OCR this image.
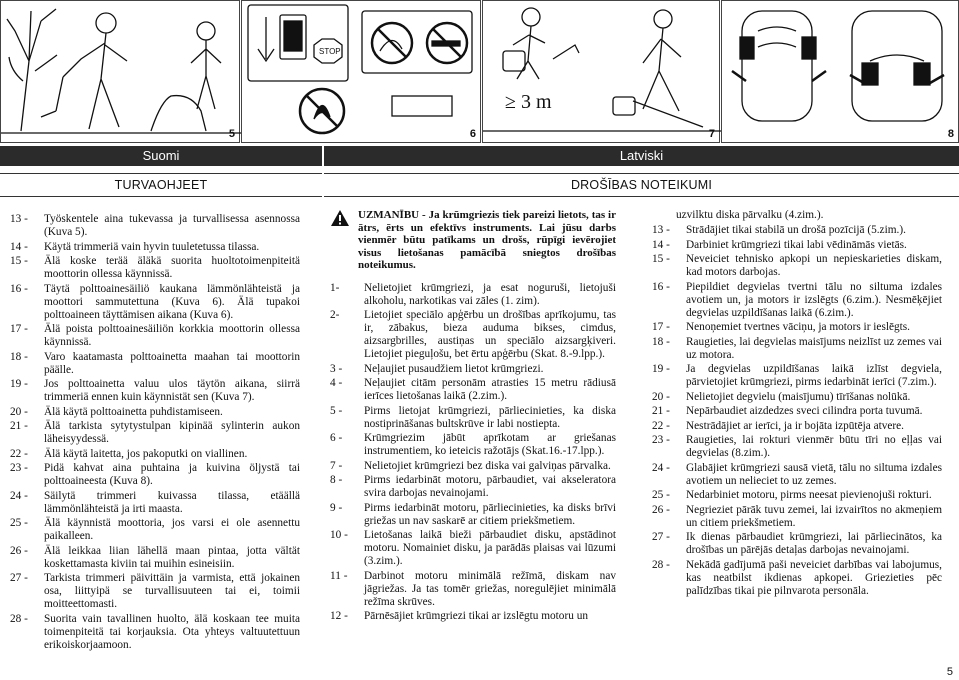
5
STOP
6
≥ 3 m
7	8
Suomi	Latviski
TURVAOHJEET	DROŠĪBAS NOTEIKUMI
13 -	Työskentele aina tukevassa ja turvallisessa asennossa (Kuva 5).
14 -	Käytä trimmeriä vain hyvin tuuletetussa tilassa.
15 -	Älä koske terää äläkä suorita huoltotoimenpiteitä moottorin ollessa käynnissä.
16 -	Täytä polttoainesäiliö kaukana lämmönlähteistä ja moottori sammutettuna (Kuva 6). Älä tupakoi polttoaineen täyttämisen aikana (Kuva 6).
17 -	Älä poista polttoainesäiliön korkkia moottorin ollessa käynnissä.
18 -	Varo kaatamasta polttoainetta maahan tai moottorin päälle.
19 -	Jos polttoainetta valuu ulos täytön aikana, siirrä trimmeriä ennen kuin käynnistät sen (Kuva 7).
20 -	Älä käytä polttoainetta puhdistamiseen.
21 -	Älä tarkista sytytystulpan kipinää sylinterin aukon läheisyydessä.
22 -	Älä käytä laitetta, jos pakoputki on viallinen.
23 -	Pidä kahvat aina puhtaina ja kuivina öljystä tai polttoaineesta (Kuva 8).
24 -	Säilytä trimmeri kuivassa tilassa, etäällä lämmönlähteistä ja irti maasta.
25 -	Älä käynnistä moottoria, jos varsi ei ole asennettu paikalleen.
26 -	Älä leikkaa liian lähellä maan pintaa, jotta vältät koskettamasta kiviin tai muihin esineisiin.
27 -	Tarkista trimmeri päivittäin ja varmista, että jokainen osa, liittyipä se turvallisuuteen tai ei, toimii moitteettomasti.
28 -	Suorita vain tavallinen huolto, älä koskaan tee muita toimenpiteitä tai korjauksia. Ota yhteys valtuutettuun erikoiskorjaamoon.
UZMANĪBU - Ja krūmgriezis tiek pareizi lietots, tas ir ātrs, ērts un efektīvs instruments. Lai jūsu darbs vienmēr būtu patīkams un drošs, rūpīgi ievērojiet visus lietošanas pamācībā sniegtos drošības noteikumus.
1-	Nelietojiet krūmgriezi, ja esat noguruši, lietojuši alkoholu, narkotikas vai zāles (1. zim).
2-	Lietojiet speciālo apģērbu un drošības aprīkojumu, tas ir, zābakus, bieza auduma bikses, cimdus, aizsargbrilles, austiņas un speciālo aizsargķiveri. Lietojiet pieguļošu, bet ērtu apģērbu (Skat. 8.-9.lpp.).
3 -	Neļaujiet pusaudžiem lietot krūmgriezi.
4 -	Neļaujiet citām personām atrasties 15 metru rādiusā ierīces lietošanas laikā (2.zim.).
5 -	Pirms lietojat krūmgriezi, pārliecinieties, ka diska nostiprināšanas bultskrūve ir labi nostiepta.
6 -	Krūmgriezim jābūt aprīkotam ar griešanas instrumentiem, ko ieteicis ražotājs (Skat.16.-17.lpp.).
7 -	Nelietojiet krūmgriezi bez diska vai galviņas pārvalka.
8 -	Pirms iedarbināt motoru, pārbaudiet, vai akseleratora svira darbojas nevainojami.
9 -	Pirms iedarbināt motoru, pārliecinieties, ka disks brīvi griežas un nav saskarē ar citiem priekšmetiem.
10 -	Lietošanas laikā bieži pārbaudiet disku, apstādinot motoru. Nomainiet disku, ja parādās plaisas vai lūzumi (3.zim.).
11 -	Darbinot motoru minimālā režīmā, diskam nav jāgriežas. Ja tas tomēr griežas, noregulējiet minimālā režīma skrūves.
12 -	Pārnēsājiet krūmgriezi tikai ar izslēgtu motoru un
uzvilktu diska pārvalku (4.zim.).
13 -	Strādājiet tikai stabilā un drošā pozīcijā (5.zim.).
14 -	Darbiniet krūmgriezi tikai labi vēdināmās vietās.
15 -	Neveiciet tehnisko apkopi un nepieskarieties diskam, kad motors darbojas.
16 -	Piepildiet degvielas tvertni tālu no siltuma izdales avotiem un, ja motors ir izslēgts (6.zim.). Nesmēķējiet degvielas uzpildīšanas laikā (6.zim.).
17 -	Nenoņemiet tvertnes vāciņu, ja motors ir ieslēgts.
18 -	Raugieties, lai degvielas maisījums neizlīst uz zemes vai uz motora.
19 -	Ja degvielas uzpildīšanas laikā izlīst degviela, pārvietojiet krūmgriezi, pirms iedarbināt ierīci (7.zim.).
20 -	Nelietojiet degvielu (maisījumu) tīrīšanas nolūkā.
21 -	Nepārbaudiet aizdedzes sveci cilindra porta tuvumā.
22 -	Nestrādājiet ar ierīci, ja ir bojāta izpūtēja atvere.
23 -	Raugieties, lai rokturi vienmēr būtu tīri no eļļas vai degvielas (8.zim.).
24 -	Glabājiet krūmgriezi sausā vietā, tālu no siltuma izdales avotiem un nelieciet to uz zemes.
25 -	Nedarbiniet motoru, pirms neesat pievienojuši rokturi.
26 -	Negrieziet pārāk tuvu zemei, lai izvairītos no akmeņiem un citiem priekšmetiem.
27 -	Ik dienas pārbaudiet krūmgriezi, lai pārliecinātos, ka drošības un pārējās detaļas darbojas nevainojami.
28 -	Nekādā gadījumā paši neveiciet darbības vai labojumus, kas neatbilst ikdienas apkopei. Griezieties pēc palīdzības tikai pie pilnvarota personāla.
5
